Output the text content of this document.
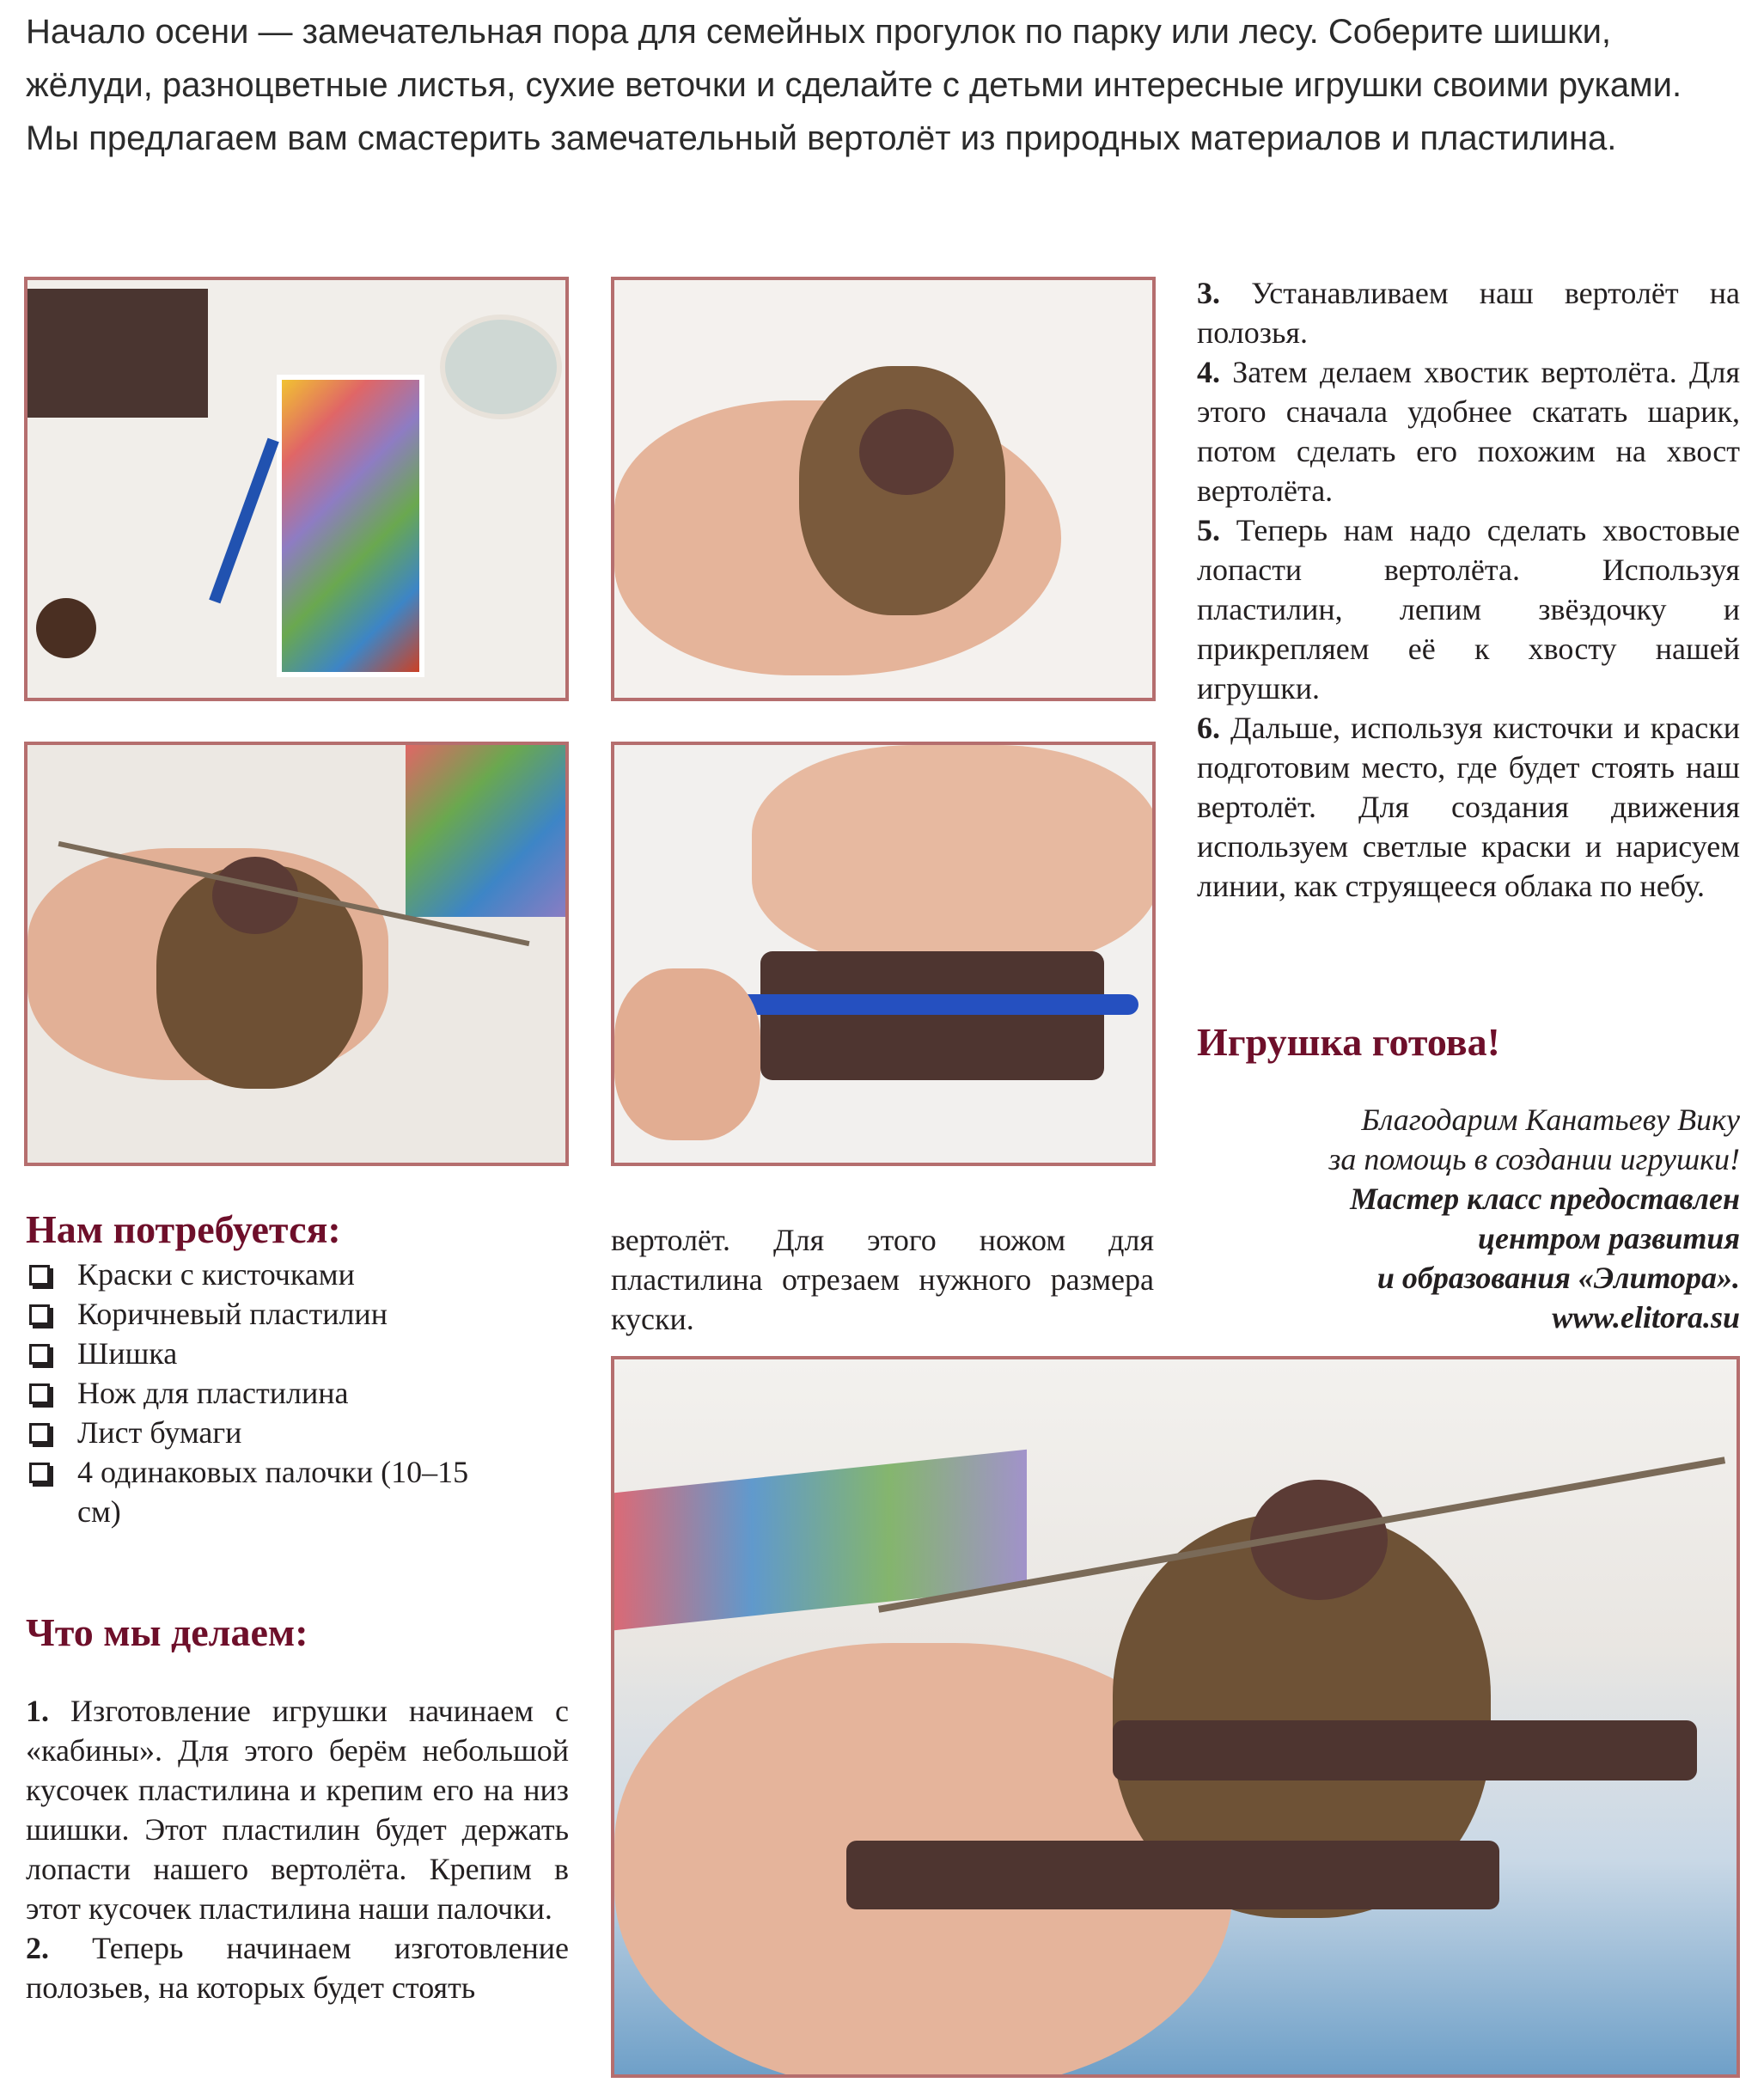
Начало осени — замечательная пора для семейных прогулок по парку или лесу. Соберите шишки, жёлуди, разноцветные листья, сухие веточки и сделайте с детьми интересные игрушки своими руками. Мы предлагаем вам смастерить замечательный вертолёт из природных материалов и пластилина.

3. Устанавливаем наш вертолёт на полозья.

4. Затем делаем хвостик вертолёта. Для этого сначала удобнее скатать шарик, потом сделать его похожим на хвост вертолёта.

5. Теперь нам надо сделать хвостовые лопасти вертолёта. Используя пластилин, лепим звёздочку и прикрепляем её к хвосту нашей игрушки.

6. Дальше, используя кисточки и краски подготовим место, где будет стоять наш вертолёт. Для создания движения используем светлые краски и нарисуем линии, как струящееся облака по небу.

Игрушка готова!
Благодарим Канатьеву Вику
за помощь в создании игрушки!
Мастер класс предоставлен
центром развития
и образования «Элитора».
www.elitora.su
Нам потребуется:
Краски с кисточками
Коричневый пластилин
Шишка
Нож для пластилина
Лист бумаги
4 одинаковых палочки (10–15 см)

вертолёт. Для этого ножом для пластилина отрезаем нужного размера куски.

Что мы делаем:

1. Изготовление игрушки начинаем с «кабины». Для этого берём небольшой кусочек пластилина и крепим его на низ шишки. Этот пластилин будет держать лопасти нашего вертолёта. Крепим в этот кусочек пластилина наши палочки.

2. Теперь начинаем изготовление полозьев, на которых будет стоять
